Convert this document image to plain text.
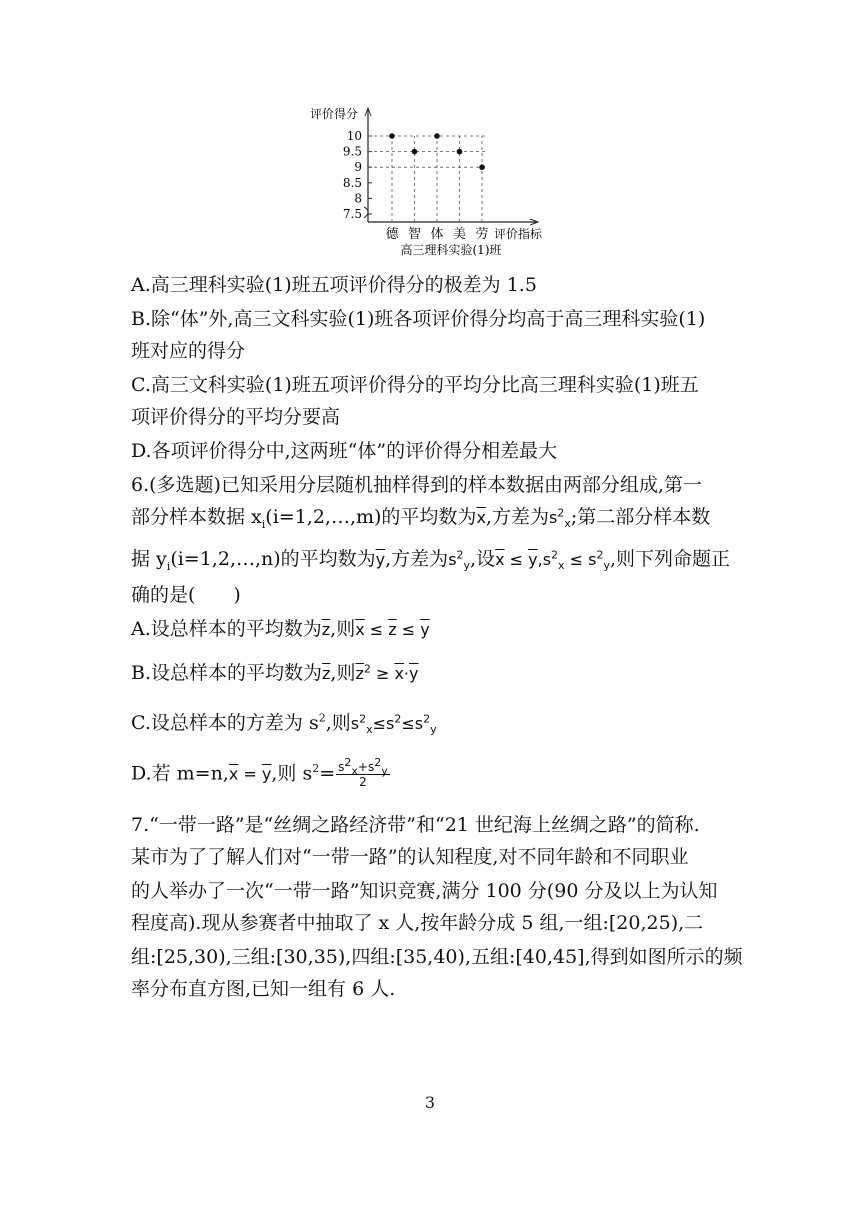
评价得分
10
9.5
9
8.5
8
7.5
德 智 体 美 劳 评价指标
高三理科实验(1)班
A.高三理科实验(1)班五项评价得分的极差为 1.5
B.除“体”外,高三文科实验(1)班各项评价得分均高于高三理科实验(1)
班对应的得分
C.高三文科实验(1)班五项评价得分的平均分比高三理科实验(1)班五
项评价得分的平均分要高
D.各项评价得分中,这两班“体”的评价得分相差最大
6.(多选题)已知采用分层随机抽样得到的样本数据由两部分组成,第一
部分样本数据 $x_i(i=1,2,\dots,m)$的平均数为$\overline{x}$,方差为$s^2_x$;第二部分样本数
据 $y_i(i=1,2,\dots,n)$的平均数为$\overline{y}$,方差为$s^2_y$,设$\overline{x} \le \overline{y},s^2_x \le s^2_y$,则下列命题正
确的是(　　)
A.设总样本的平均数为$\overline{z}$,则$\overline{x} \le \overline{z} \le \overline{y}$
B.设总样本的平均数为$\overline{z}$,则$\overline{z}^2 \ge \overline{x}\cdot\overline{y}$
C.设总样本的方差为 $s^2$,则$s^2_x\le s^2\le s^2_y$
D.若 $m=n,\overline{x} = \overline{y}$,则 $s^2= \frac{s^2_x+s^2_y}{2}$
7.“一带一路”是“丝绸之路经济带”和“21 世纪海上丝绸之路”的简称.
某市为了了解人们对“一带一路”的认知程度,对不同年龄和不同职业
的人举办了一次“一带一路”知识竞赛,满分 100 分(90 分及以上为认知
程度高).现从参赛者中抽取了 x 人,按年龄分成 5 组,一组:[20,25),二
组:[25,30),三组:[30,35),四组:[35,40),五组:[40,45],得到如图所示的频
率分布直方图,已知一组有 6 人.
3
